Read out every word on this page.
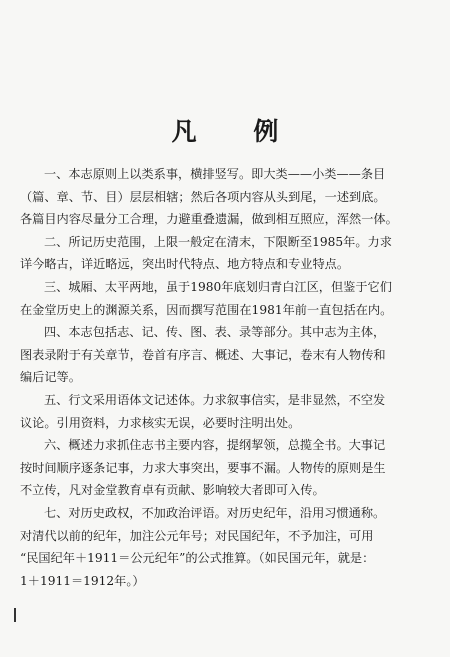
凡 例
一、本志原则上以类系事，横排竖写。即大类——小类——条目
（篇、章、节、目）层层相辖；然后各项内容从头到尾，一述到底。
各篇目内容尽量分工合理，力避重叠遗漏，做到相互照应，浑然一体。
二、所记历史范围，上限一般定在清末，下限断至1985年。力求
详今略古，详近略远，突出时代特点、地方特点和专业特点。
三、城厢、太平两地，虽于1980年底划归青白江区，但鉴于它们
在金堂历史上的渊源关系，因而撰写范围在1981年前一直包括在内。
四、本志包括志、记、传、图、表、录等部分。其中志为主体，
图表录附于有关章节，卷首有序言、概述、大事记，卷末有人物传和
编后记等。
五、行文采用语体文记述体。力求叙事信实，是非显然，不空发
议论。引用资料，力求核实无误，必要时注明出处。
六、概述力求抓住志书主要内容，提纲挈领，总揽全书。大事记
按时间顺序逐条记事，力求大事突出，要事不漏。人物传的原则是生
不立传，凡对金堂教育卓有贡献、影响较大者即可入传。
七、对历史政权，不加政治评语。对历史纪年，沿用习惯通称。
对清代以前的纪年，加注公元年号；对民国纪年，不予加注，可用
“民国纪年＋1911＝公元纪年”的公式推算。（如民国元年，就是：
1＋1911＝1912年。）
